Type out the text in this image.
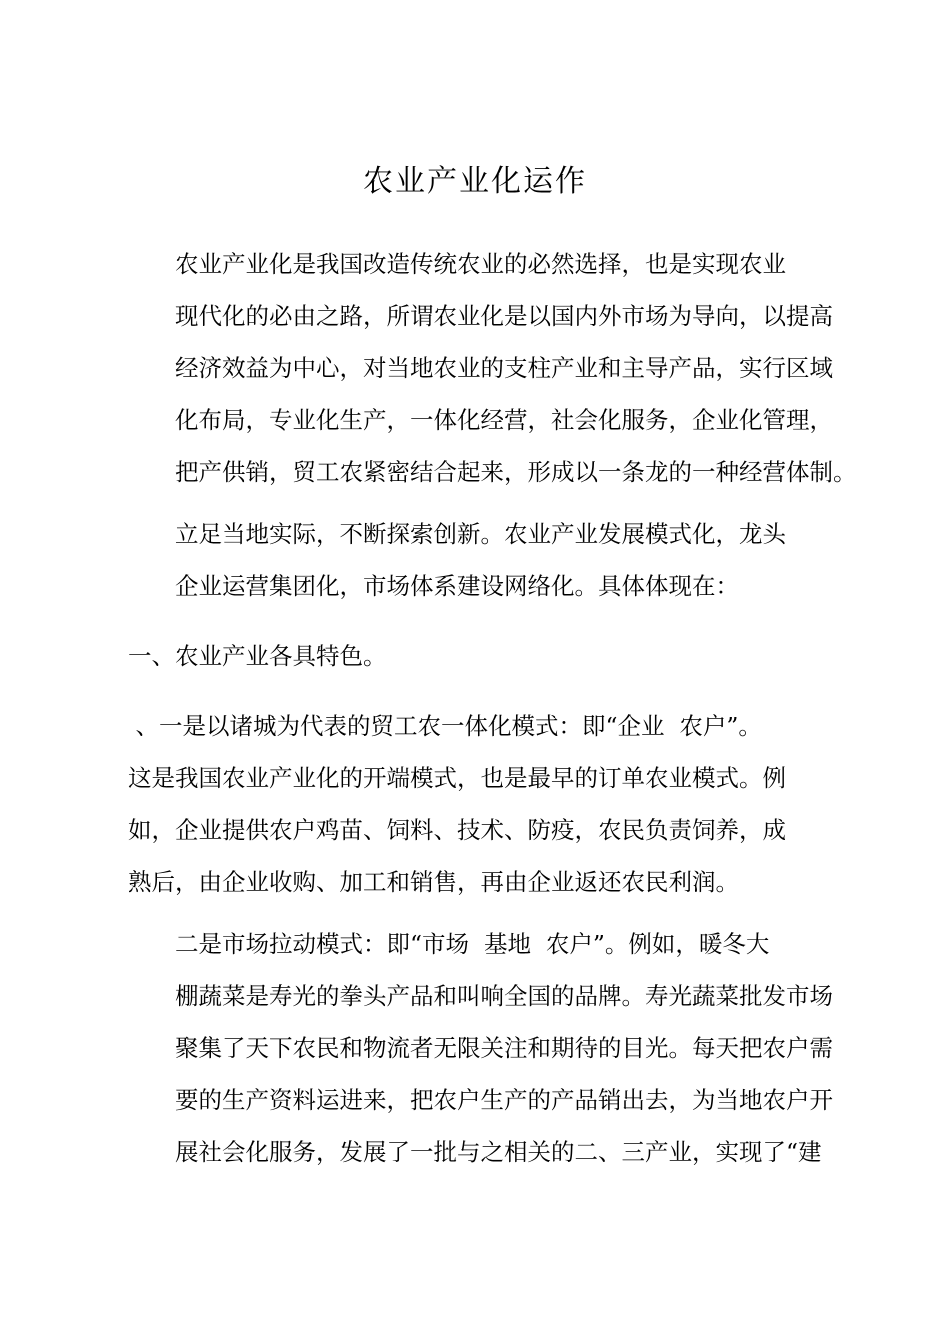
农业产业化运作
农业产业化是我国改造传统农业的必然选择，也是实现农业
现代化的必由之路，所谓农业化是以国内外市场为导向，以提高
经济效益为中心，对当地农业的支柱产业和主导产品，实行区域
化布局，专业化生产，一体化经营，社会化服务，企业化管理，
把产供销，贸工农紧密结合起来，形成以一条龙的一种经营体制。
立足当地实际，不断探索创新。农业产业发展模式化，龙头
企业运营集团化，市场体系建设网络化。具体体现在：
一、农业产业各具特色。
、一是以诸城为代表的贸工农一体化模式：即“企业  农户”。
这是我国农业产业化的开端模式，也是最早的订单农业模式。例
如，企业提供农户鸡苗、饲料、技术、防疫，农民负责饲养，成
熟后，由企业收购、加工和销售，再由企业返还农民利润。
二是市场拉动模式：即“市场  基地  农户”。例如，暖冬大
棚蔬菜是寿光的拳头产品和叫响全国的品牌。寿光蔬菜批发市场
聚集了天下农民和物流者无限关注和期待的目光。每天把农户需
要的生产资料运进来，把农户生产的产品销出去，为当地农户开
展社会化服务，发展了一批与之相关的二、三产业，实现了“建
